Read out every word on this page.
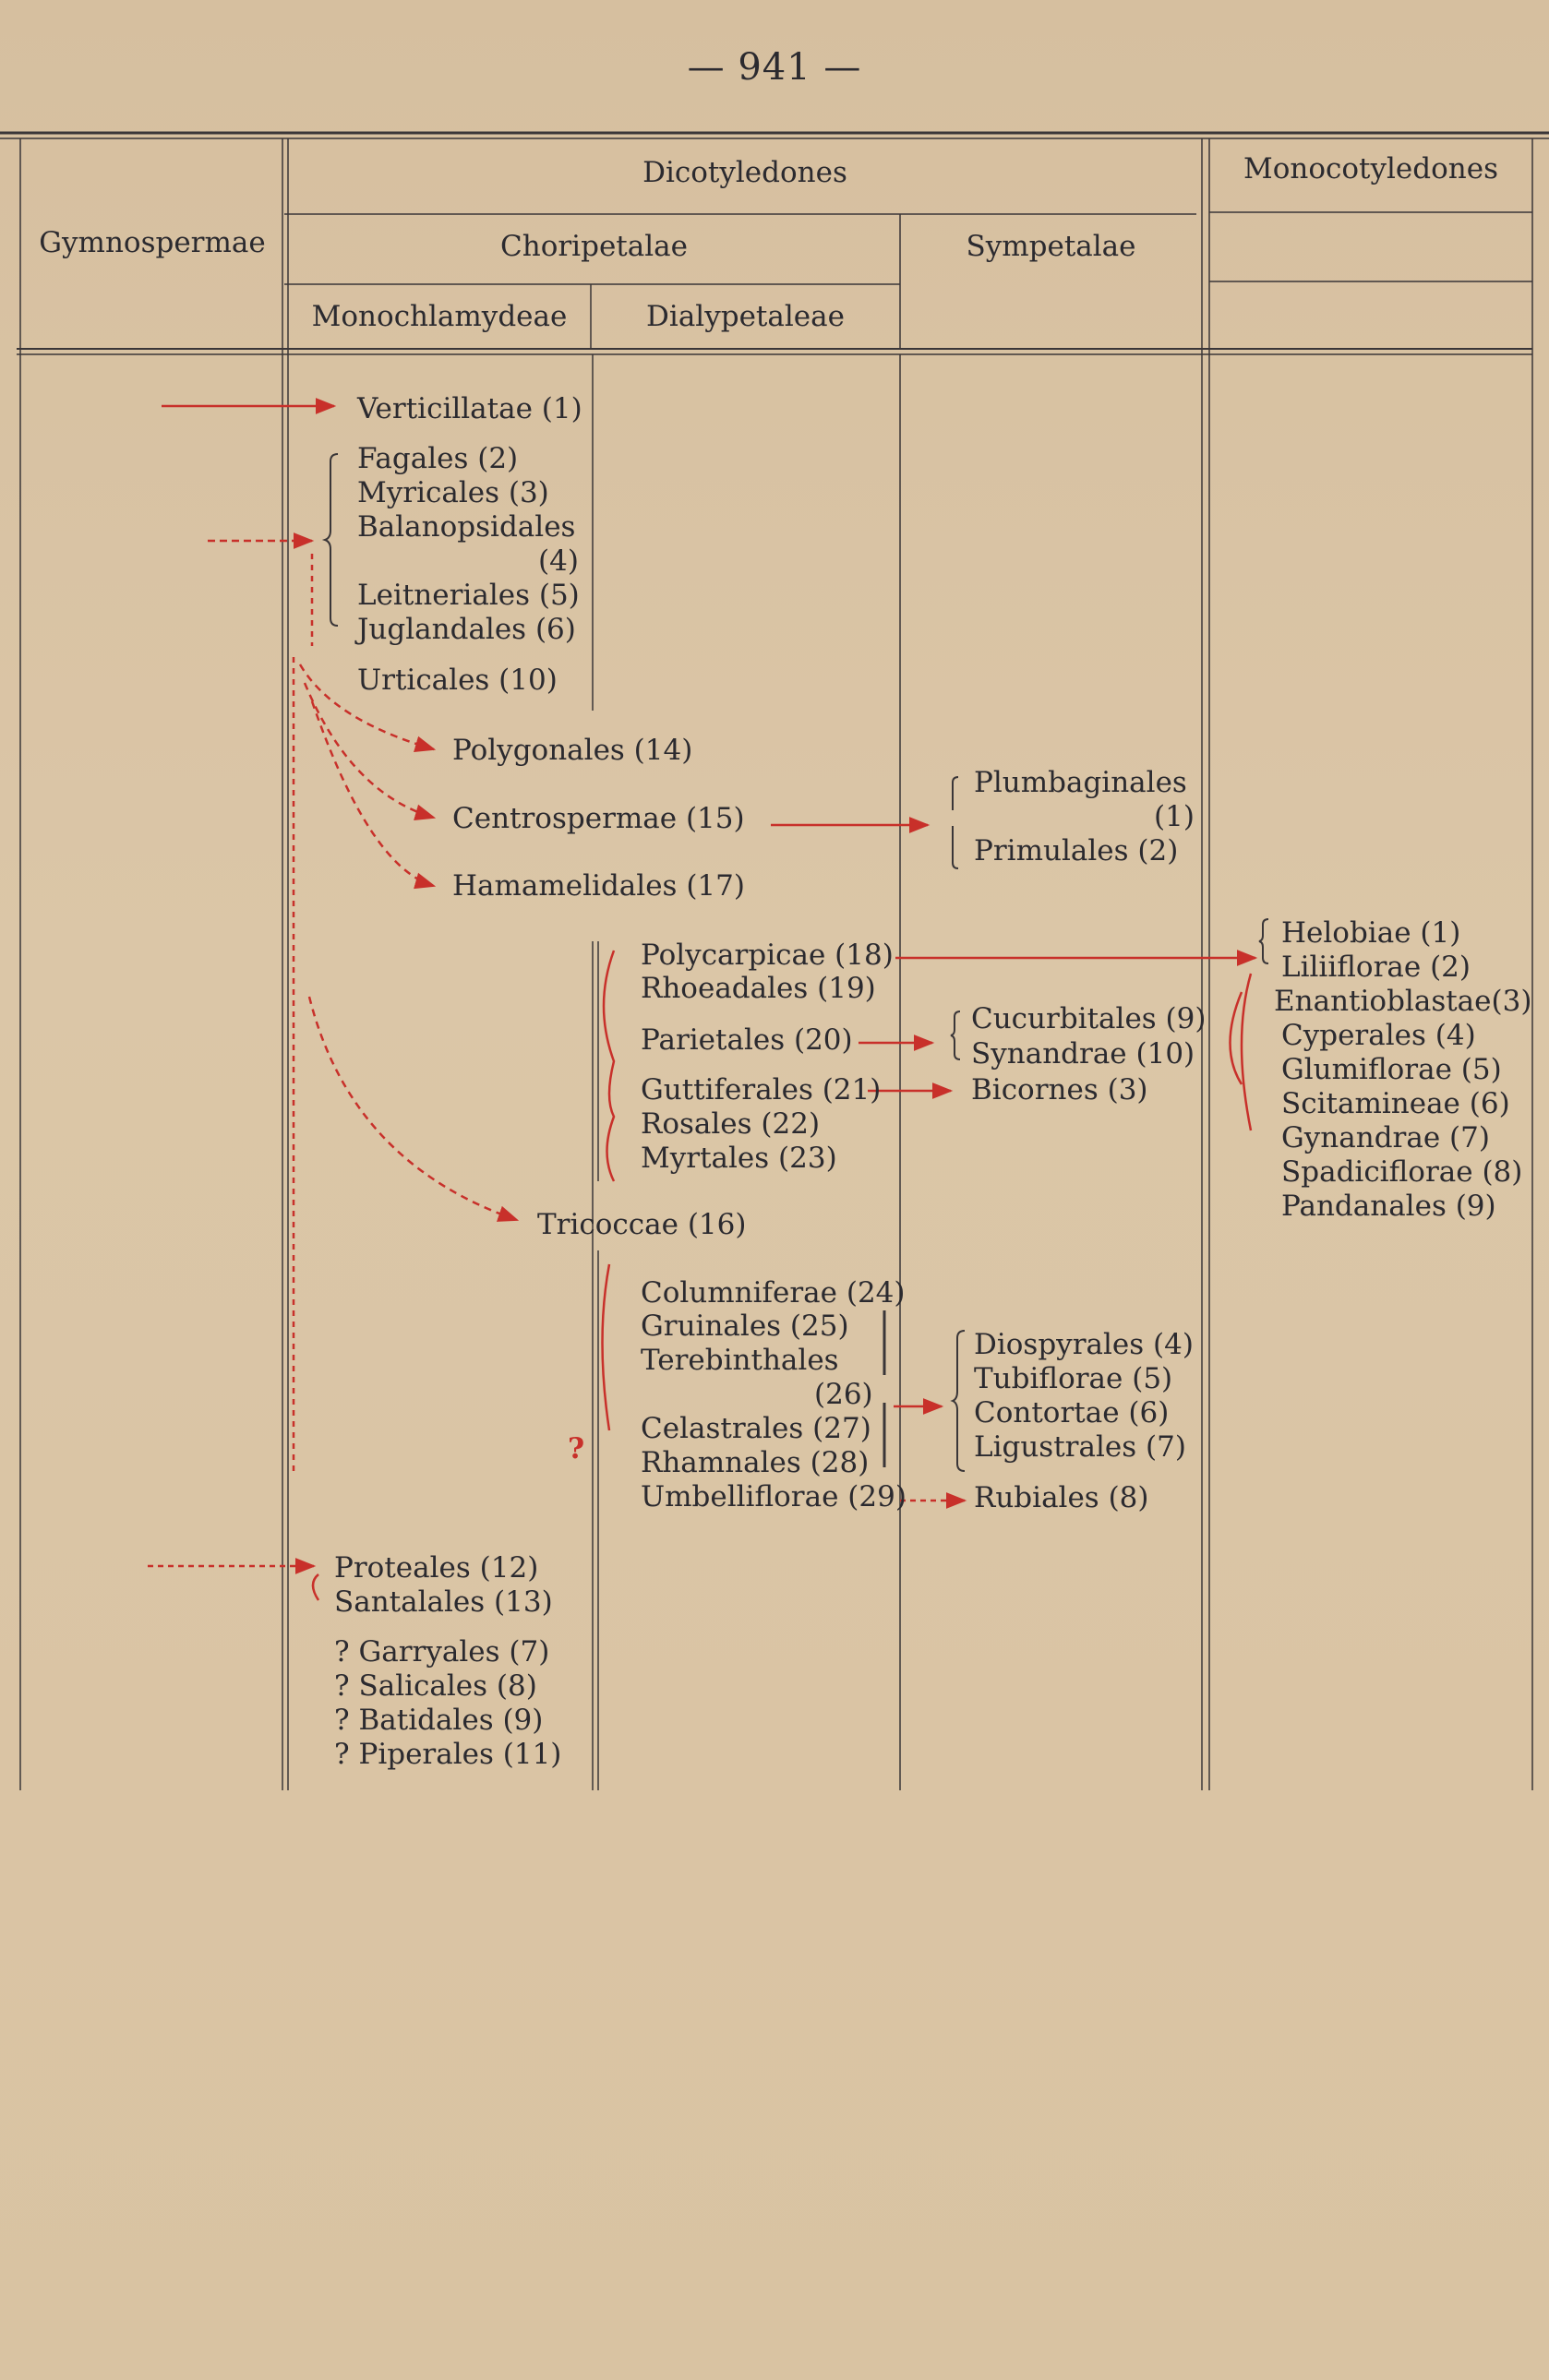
— 941 —
Gymnospermae
Dicotyledones	Monocotyledones
Choripetalae	Sympetalae
Monochlamydeae	Dialypetaleae
Verticillatae (1)
Fagales (2)
Myricales (3)
Balanopsidales
(4)
Leitneriales (5)
Juglandales (6)
Urticales (10)
Proteales (12)
Santalales (13)
? Garryales (7)
? Salicales (8)
? Batidales (9)
? Piperales (11)
Polygonales (14)
Centrospermae (15)
Hamamelidales (17)
Polycarpicae (18)
Rhoeadales (19)
Parietales (20)
Guttiferales (21)
Rosales (22)
Myrtales (23)
Tricoccae (16)
Columniferae (24)
Gruinales (25)
Terebinthales
(26)
Celastrales (27)
Rhamnales (28)
Umbelliflorae (29)
?
Plumbaginales
(1)
Primulales (2)
Cucurbitales (9)
Synandrae (10)
Bicornes (3)
Diospyrales (4)
Tubiflorae (5)
Contortae (6)
Ligustrales (7)
Rubiales (8)
Helobiae (1)
Liliiflorae (2)
Enantioblastae(3)
Cyperales (4)
Glumiflorae (5)
Scitamineae (6)
Gynandrae (7)
Spadiciflorae (8)
Pandanales (9)
